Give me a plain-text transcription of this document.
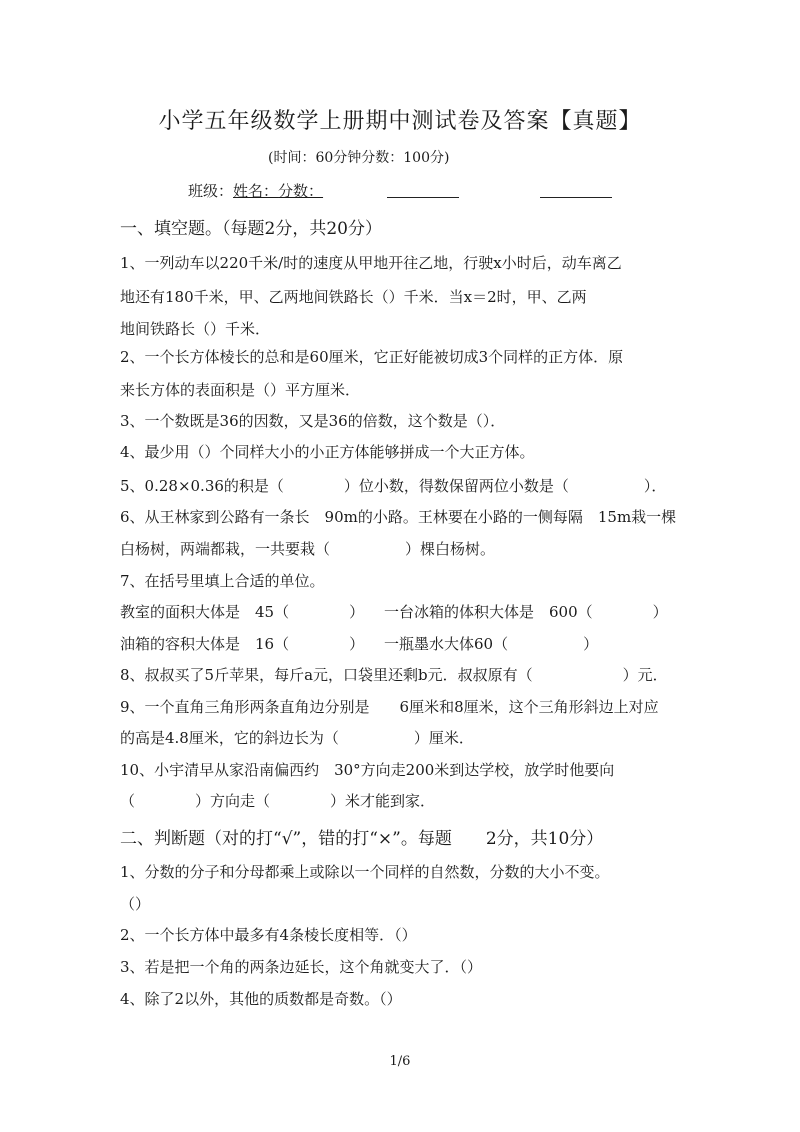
小学五年级数学上册期中测试卷及答案【真题】
(时间：60分钟分数：100分)
班级：姓名：分数：
一、填空题。（每题2分，共20分）
1、一列动车以220千米/时的速度从甲地开往乙地，行驶x小时后，动车离乙
地还有180千米，甲、乙两地间铁路长（）千米．当x＝2时，甲、乙两
地间铁路长（）千米．
2、一个长方体棱长的总和是60厘米，它正好能被切成3个同样的正方体．原
来长方体的表面积是（）平方厘米．
3、一个数既是36的因数，又是36的倍数，这个数是（）．
4、最少用（）个同样大小的小正方体能够拼成一个大正方体。
5、0.28×0.36的积是（　　　　）位小数，得数保留两位小数是（　　　　　）．
6、从王林家到公路有一条长　90m的小路。王林要在小路的一侧每隔　15m栽一棵
白杨树，两端都栽，一共要栽（　　　　　）棵白杨树。
7、在括号里填上合适的单位。
教室的面积大体是　45（　　　　） 一台冰箱的体积大体是　600（　　　　）
油箱的容积大体是　16（　　　　） 一瓶墨水大体60（　　　　　）
8、叔叔买了5斤苹果，每斤a元，口袋里还剩b元．叔叔原有（　　　　　　）元．
9、一个直角三角形两条直角边分别是　　6厘米和8厘米，这个三角形斜边上对应
的高是4.8厘米，它的斜边长为（　　　　　）厘米．
10、小宇清早从家沿南偏西约　30°方向走200米到达学校，放学时他要向
（　　　　）方向走（　　　　）米才能到家．
二、判断题（对的打“√”，错的打“×”。每题　　2分，共10分）
1、分数的分子和分母都乘上或除以一个同样的自然数，分数的大小不变。
（）
2、一个长方体中最多有4条棱长度相等．（）
3、若是把一个角的两条边延长，这个角就变大了．（）
4、除了2以外，其他的质数都是奇数。（）
1/6
